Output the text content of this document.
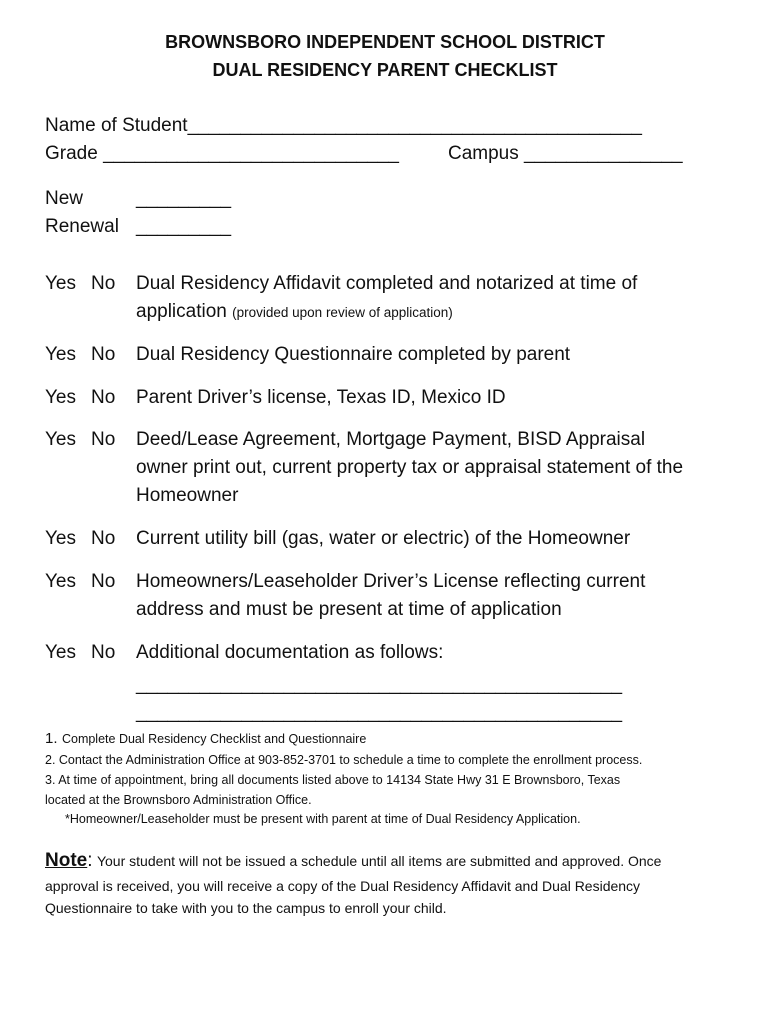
BROWNSBORO INDEPENDENT SCHOOL DISTRICT
DUAL RESIDENCY PARENT CHECKLIST
Name of Student___________________________________________
Grade ____________________________	Campus _______________
New	_________
Renewal _________
Yes No Dual Residency Affidavit completed and notarized at time of
application (provided upon review of application)
Yes No Dual Residency Questionnaire completed by parent
Yes No Parent Driver’s license, Texas ID, Mexico ID
Yes No Deed/Lease Agreement, Mortgage Payment, BISD Appraisal
owner print out, current property tax or appraisal statement of the
Homeowner
Yes No Current utility bill (gas, water or electric) of the Homeowner
Yes No Homeowners/Leaseholder Driver’s License reflecting current
address and must be present at time of application
Yes No Additional documentation as follows:
______________________________________________
______________________________________________
1. Complete Dual Residency Checklist and Questionnaire
2. Contact the Administration Office at 903-852-3701 to schedule a time to complete the enrollment process.
3. At time of appointment, bring all documents listed above to 14134 State Hwy 31 E Brownsboro, Texas
located at the Brownsboro Administration Office.
*Homeowner/Leaseholder must be present with parent at time of Dual Residency Application.
Note: Your student will not be issued a schedule until all items are submitted and approved. Once
approval is received, you will receive a copy of the Dual Residency Affidavit and Dual Residency
Questionnaire to take with you to the campus to enroll your child.
